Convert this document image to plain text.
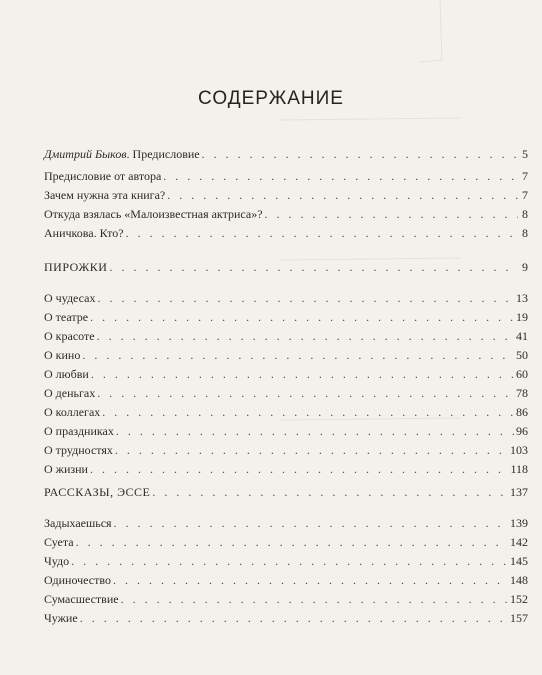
СОДЕРЖАНИЕ
Дмитрий Быков. Предисловие . . .	5
Предисловие от автора . . .	7
Зачем нужна эта книга? . . .	7
Откуда взялась «Малоизвестная актриса»? . . .	8
Аничкова. Кто? . . .	8
ПИРОЖКИ . . .	9
О чудесах . . .	13
О театре . . .	19
О красоте . . .	41
О кино . . .	50
О любви . . .	60
О деньгах . . .	78
О коллегах . . .	86
О праздниках . . .	96
О трудностях . . .	103
О жизни . . .	118
РАССКАЗЫ, ЭССЕ . . .	137
Задыхаешься . . .	139
Суета . . .	142
Чудо . . .	145
Одиночество . . .	148
Сумасшествие . . .	152
Чужие . . .	157
